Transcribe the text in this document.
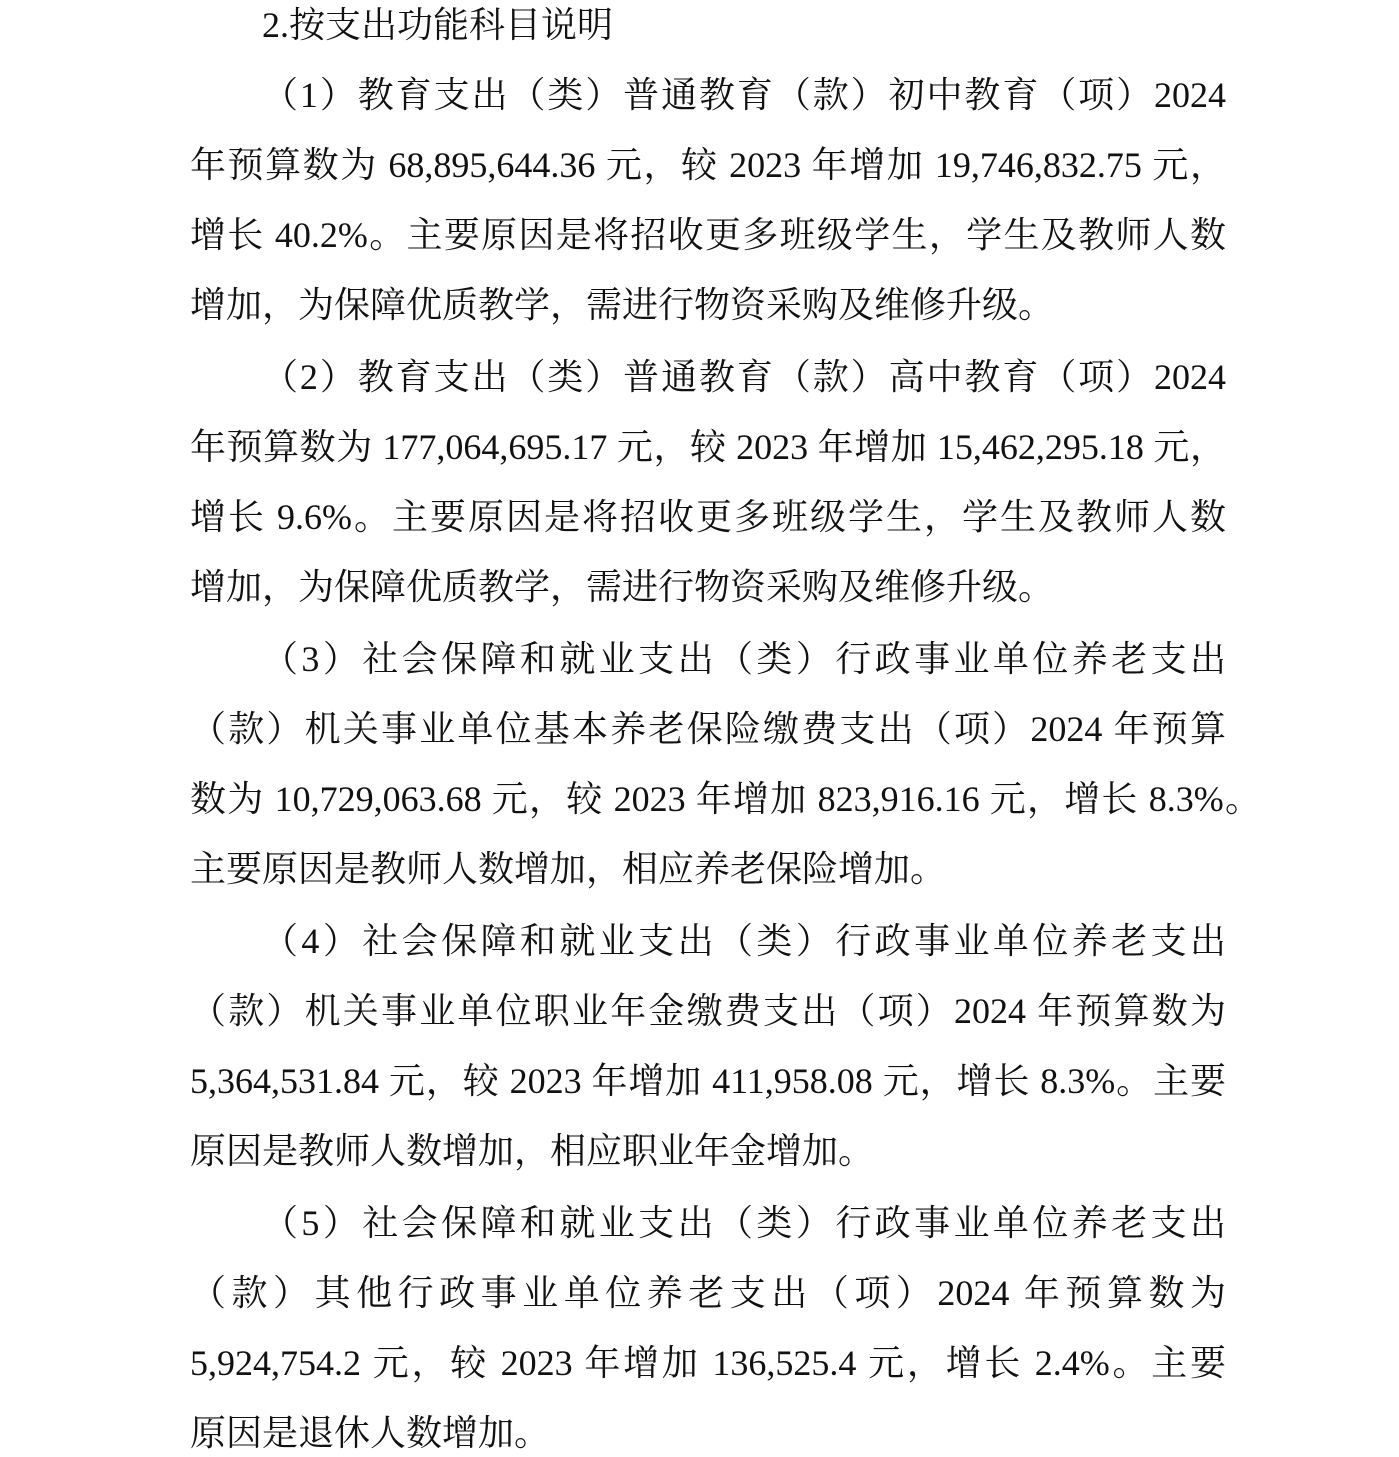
2.按支出功能科目说明
（1）教育支出（类）普通教育（款）初中教育（项）2024
年预算数为 68,895,644.36 元，较 2023 年增加 19,746,832.75 元，
增长 40.2%。主要原因是将招收更多班级学生，学生及教师人数
增加，为保障优质教学，需进行物资采购及维修升级。
（2）教育支出（类）普通教育（款）高中教育（项）2024
年预算数为 177,064,695.17 元，较 2023 年增加 15,462,295.18 元，
增长 9.6%。主要原因是将招收更多班级学生，学生及教师人数
增加，为保障优质教学，需进行物资采购及维修升级。
（3）社会保障和就业支出（类）行政事业单位养老支出
（款）机关事业单位基本养老保险缴费支出（项）2024 年预算
数为 10,729,063.68 元，较 2023 年增加 823,916.16 元，增长 8.3%。
主要原因是教师人数增加，相应养老保险增加。
（4）社会保障和就业支出（类）行政事业单位养老支出
（款）机关事业单位职业年金缴费支出（项）2024 年预算数为
5,364,531.84 元，较 2023 年增加 411,958.08 元，增长 8.3%。主要
原因是教师人数增加，相应职业年金增加。
（5）社会保障和就业支出（类）行政事业单位养老支出
（款）其他行政事业单位养老支出（项）2024 年预算数为
5,924,754.2 元，较 2023 年增加 136,525.4 元，增长 2.4%。主要
原因是退休人数增加。
